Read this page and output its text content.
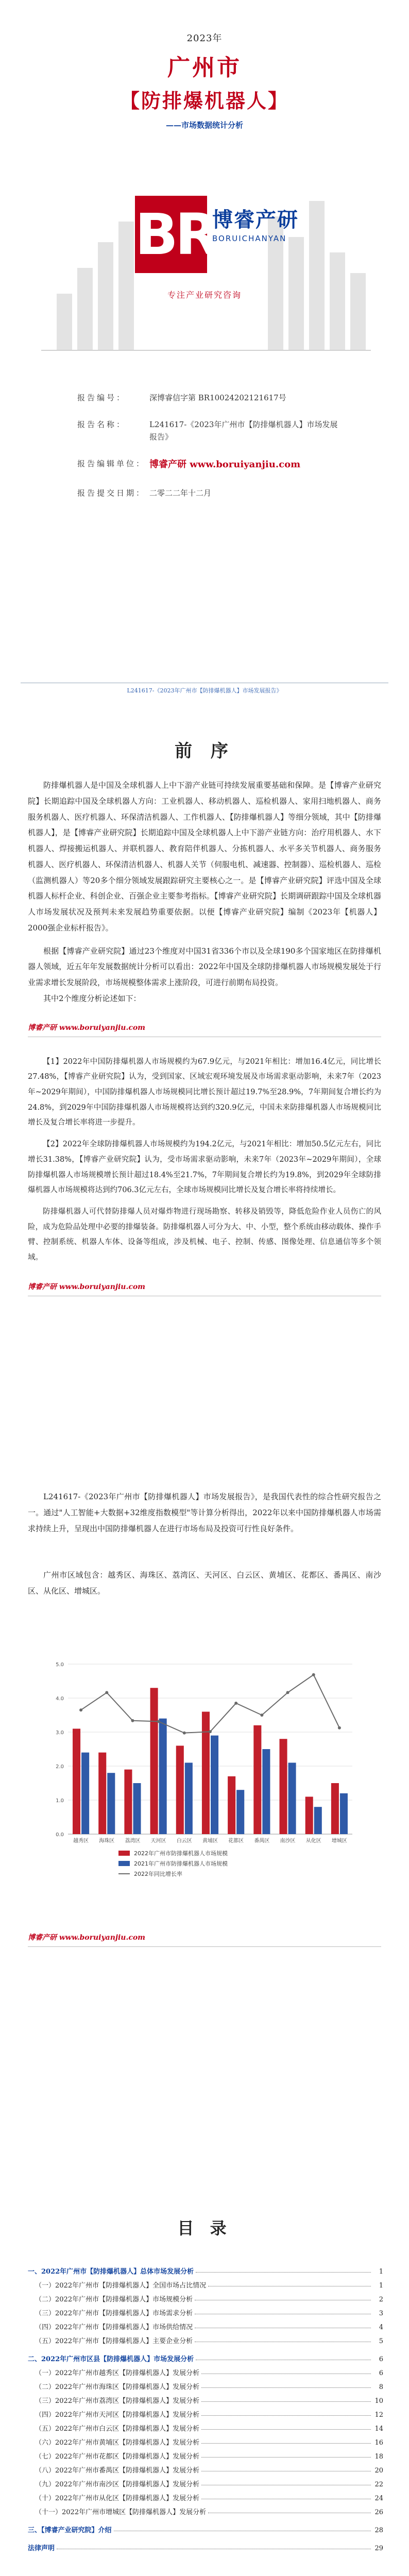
2023年
广州市
【防排爆机器人】
——市场数据统计分析
BR
博睿产研
BORUICHANYAN
专注产业研究咨询
报告编号：	深博睿信字第 BR10024202121617号
报告名称：	L241617-《2023年广州市【防排爆机器人】市场发展报告》
报告编辑单位： 博睿产研 www.boruiyanjiu.com
报告提交日期： 二零二二年十二月
L241617-《2023年广州市【防排爆机器人】市场发展报告》
前 序

防排爆机器人是中国及全球机器人上中下游产业链可持续发展重要基础和保障。是【博睿产业研究院】长期追踪中国及全球机器人方向：工业机器人、移动机器人、巡检机器人、家用扫地机器人、商务服务机器人、医疗机器人、环保清洁机器人、工作机器人、【防排爆机器人】等细分领域，其中【防排爆机器人】，是【博睿产业研究院】长期追踪中国及全球机器人上中下游产业链方向：治疗用机器人、水下机器人、焊接搬运机器人、并联机器人、教育陪伴机器人、分拣机器人、水平多关节机器人、商务服务机器人、医疗机器人、环保清洁机器人、机器人关节（伺服电机、减速器、控制器）、巡检机器人、巡检（监测机器人）等20多个细分领域发展跟踪研究主要核心之一。是【博睿产业研究院】评选中国及全球机器人标杆企业、科创企业、百强企业主要参考指标。【博睿产业研究院】长期调研跟踪中国及全球机器人市场发展状况及预判未来发展趋势重要依据。以便【博睿产业研究院】编制《2023年【机器人】2000强企业标杆报告》。

根据【博睿产业研究院】通过23个维度对中国31省336个市以及全球190多个国家地区在防排爆机器人领域，近五年年发展数据统计分析可以看出：2022年中国及全球防排爆机器人市场规模发展处于行业需求增长发展阶段，市场规模整体需求上涨阶段，可进行前期布局投资。

其中2个维度分析论述如下：

博睿产研 www.boruiyanjiu.com

【1】2022年中国防排爆机器人市场规模约为67.9亿元，与2021年相比：增加16.4亿元，同比增长27.48%，【博睿产业研究院】认为，受到国家、区域宏观环境发展及市场需求驱动影响，未来7年（2023年~2029年期间），中国防排爆机器人市场规模同比增长预计超过19.7%至28.9%，7年期间复合增长约为24.8%，到2029年中国防排爆机器人市场规模将达到约320.9亿元，中国未来防排爆机器人市场规模同比增长及复合增长率将进一步提升。

【2】2022年全球防排爆机器人市场规模约为194.2亿元，与2021年相比：增加50.5亿元左右，同比增长31.38%，【博睿产业研究院】认为，受市场需求驱动影响，未来7年（2023年~2029年期间），全球防排爆机器人市场规模增长预计超过18.4%至21.7%，7年期间复合增长约为19.8%，到2029年全球防排爆机器人市场规模将达到约706.3亿元左右，全球市场规模同比增长及复合增长率将持续增长。

防排爆机器人可代替防排爆人员对爆炸物进行现场勘察、转移及销毁等，降低危险作业人员伤亡的风险，成为危险品处理中必要的排爆装备。防排爆机器人可分为大、中、小型，整个系统由移动载体、操作手臂、控制系统、机器人车体、设备等组成，涉及机械、电子、控制、传感、图像处理、信息通信等多个领域。

博睿产研 www.boruiyanjiu.com

L241617-《2023年广州市【防排爆机器人】市场发展报告》，是我国代表性的综合性研究报告之一。通过"人工智能+大数据+32维度指数模型"等计算分析得出，2022年以来中国防排爆机器人市场需求持续上升，呈现出中国防排爆机器人在进行市场布局及投资可行性良好条件。

广州市区域包含：越秀区、海珠区、荔湾区、天河区、白云区、黄埔区、花都区、番禺区、南沙区、从化区、增城区。

0.0
1.0
2.0
3.0
4.0
5.0
越秀区 海珠区 荔湾区 天河区 白云区 黄埔区 花都区 番禺区 南沙区 从化区 增城区
2022年广州市防排爆机器人市场规模
2021年广州市防排爆机器人市场规模
2022年同比增长率
博睿产研 www.boruiyanjiu.com
目 录
一、2022年广州市【防排爆机器人】总体市场发展分析	1
（一）2022年广州市【防排爆机器人】全国市场占比情况	1
（二）2022年广州市【防排爆机器人】市场规模分析	2
（三）2022年广州市【防排爆机器人】市场需求分析	3
（四）2022年广州市【防排爆机器人】市场供给情况	4
（五）2022年广州市【防排爆机器人】主要企业分析	5
二、2022年广州市区县【防排爆机器人】市场发展分析	6
（一）2022年广州市越秀区【防排爆机器人】发展分析	6
（二）2022年广州市海珠区【防排爆机器人】发展分析	8
（三）2022年广州市荔湾区【防排爆机器人】发展分析	10
（四）2022年广州市天河区【防排爆机器人】发展分析	12
（五）2022年广州市白云区【防排爆机器人】发展分析	14
（六）2022年广州市黄埔区【防排爆机器人】发展分析	16
（七）2022年广州市花都区【防排爆机器人】发展分析	18
（八）2022年广州市番禺区【防排爆机器人】发展分析	20
（九）2022年广州市南沙区【防排爆机器人】发展分析	22
（十）2022年广州市从化区【防排爆机器人】发展分析	24
（十一）2022年广州市增城区【防排爆机器人】发展分析	26
三、【博睿产业研究院】介绍	28
法律声明	29
